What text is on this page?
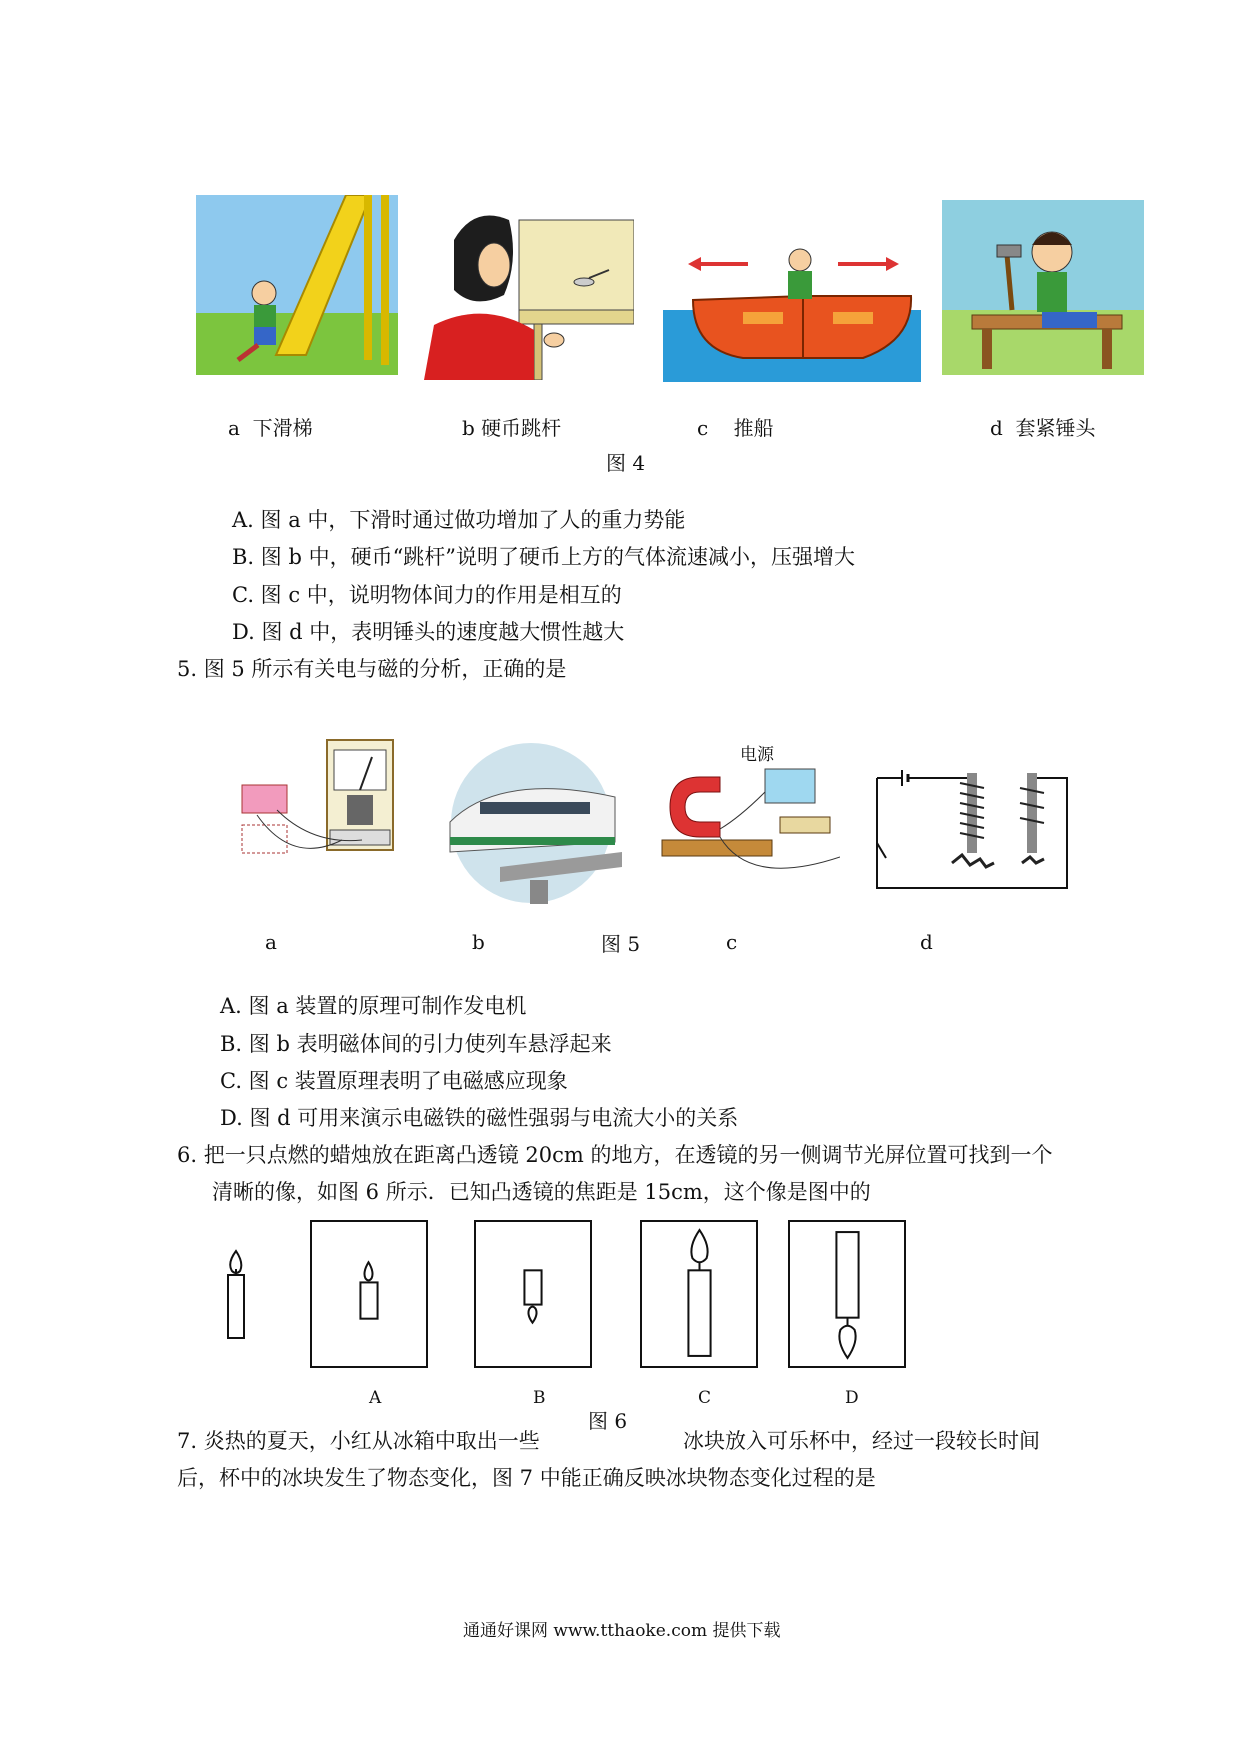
a 下滑梯	b 硬币跳杆	c 推船	d 套紧锤头
图 4
A. 图 a 中，下滑时通过做功增加了人的重力势能
B. 图 b 中，硬币“跳杆”说明了硬币上方的气体流速减小，压强增大
C. 图 c 中，说明物体间力的作用是相互的
D. 图 d 中，表明锤头的速度越大惯性越大
5. 图 5 所示有关电与磁的分析，正确的是
电源
a	b	图 5	c	d
A. 图 a 装置的原理可制作发电机
B. 图 b 表明磁体间的引力使列车悬浮起来
C. 图 c 装置原理表明了电磁感应现象
D. 图 d 可用来演示电磁铁的磁性强弱与电流大小的关系
6. 把一只点燃的蜡烛放在距离凸透镜 20cm 的地方，在透镜的另一侧调节光屏位置可找到一个
清晰的像，如图 6 所示．已知凸透镜的焦距是 15cm，这个像是图中的
A	B	C	D
图 6
7. 炎热的夏天，小红从冰箱中取出一些	冰块放入可乐杯中，经过一段较长时间
后，杯中的冰块发生了物态变化，图 7 中能正确反映冰块物态变化过程的是
通通好课网 www.tthaoke.com 提供下载
